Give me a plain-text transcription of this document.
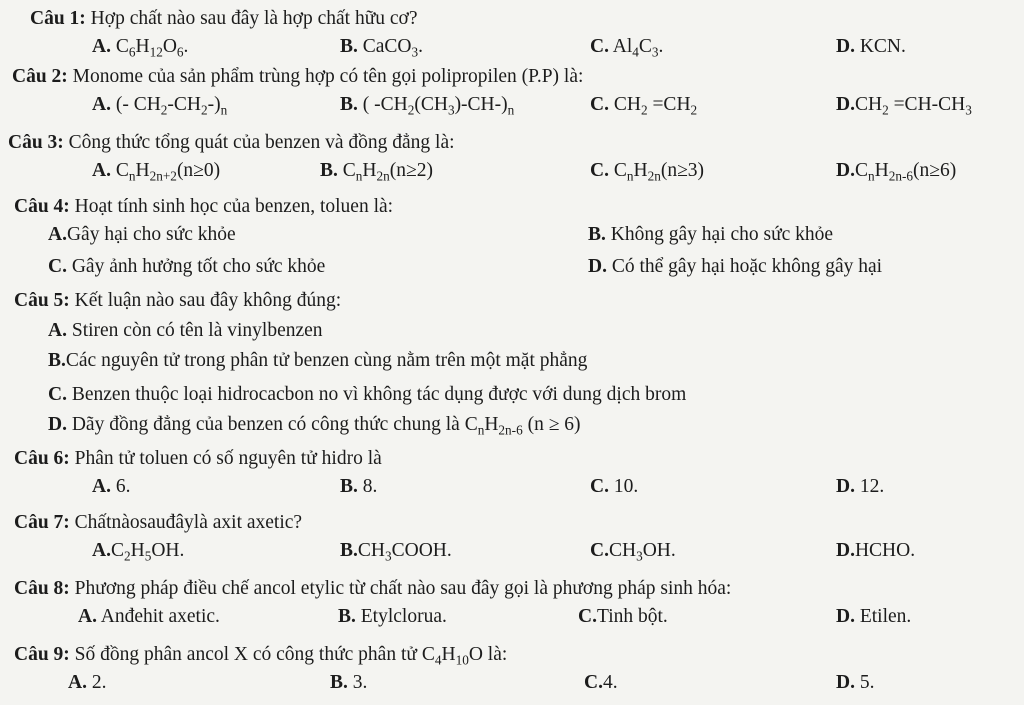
Câu 1: Hợp chất nào sau đây là hợp chất hữu cơ?
A. $C_6H_{12}O_6$.	B. CaCO$_3$.	C. $Al_4C_3$.	D. KCN.
Câu 2: Monome của sản phẩm trùng hợp có tên gọi polipropilen (P.P) là:
A. (- $CH_2-CH_2-)_n$	B. ( $-CH_2(CH_3)-CH-)_n$	C. $CH_2 =CH_2$	$D.CH_2 =CH-CH_3$
Câu 3: Công thức tổng quát của benzen và đồng đẳng là:
A. $C_nH_{2n+2}(n\ge 0)$	B. $C_nH_{2n}(n\ge 2)$	C. $C_nH_{2n}(n\ge 3)$	$D.C_nH_{2n-6}(n\ge 6)$
Câu 4: Hoạt tính sinh học của benzen, toluen là:
A.Gây hại cho sức khỏe	B. Không gây hại cho sức khỏe
C. Gây ảnh hưởng tốt cho sức khỏe	D. Có thể gây hại hoặc không gây hại
Câu 5: Kết luận nào sau đây không đúng:
A. Stiren còn có tên là vinylbenzen
B.Các nguyên tử trong phân tử benzen cùng nằm trên một mặt phẳng
C. Benzen thuộc loại hidrocacbon no vì không tác dụng được với dung dịch brom
D. Dãy đồng đẳng của benzen có công thức chung là $C_nH_{2n-6}$ (n ≥ 6)
Câu 6: Phân tử toluen có số nguyên tử hidro là
A. 6.	B. 8.	C. 10.	D. 12.
Câu 7: Chấtnàosauđâylà axit axetic?
$A.C_2H_5OH$.	$B.CH_3COOH$.	$C.CH_3OH$.	D.HCHO.
Câu 8: Phương pháp điều chế ancol etylic từ chất nào sau đây gọi là phương pháp sinh hóa:
A. Anđehit axetic.	B. Etylclorua.	C.Tinh bột.	D. Etilen.
Câu 9: Số đồng phân ancol X có công thức phân tử $C_4H_{10}O$ là:
A. 2.	B. 3.	C.4.	D. 5.
